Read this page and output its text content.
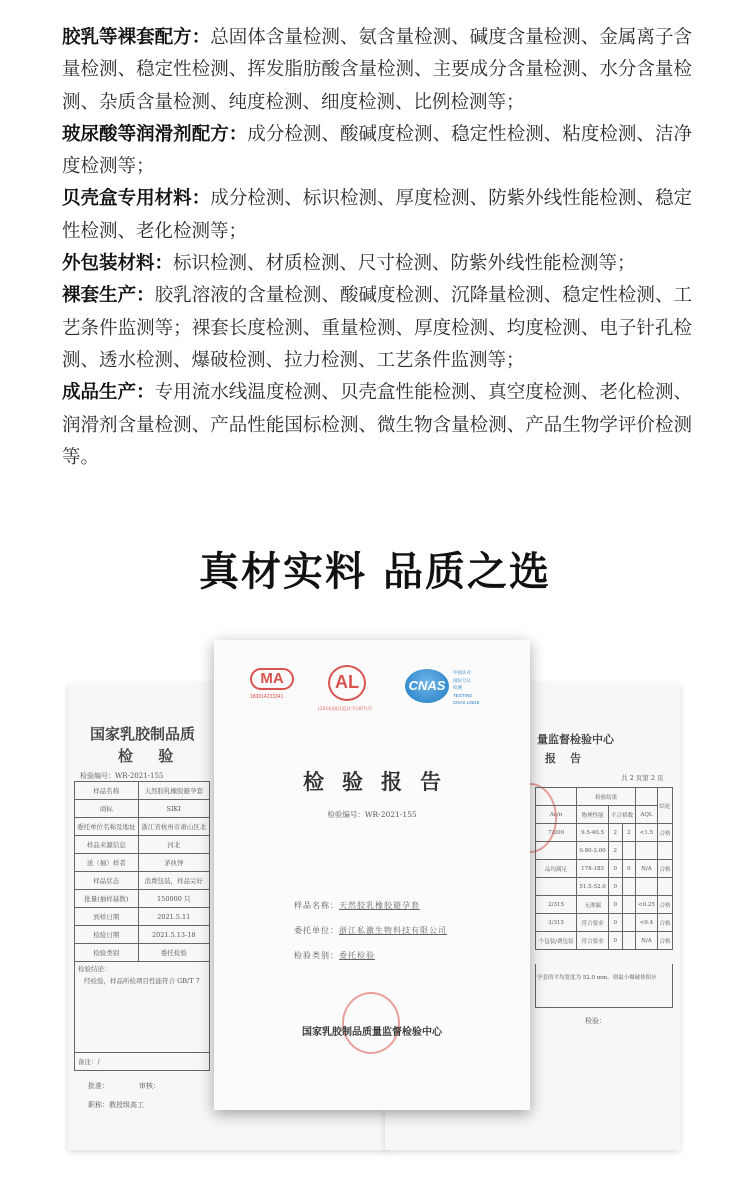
胶乳等裸套配方：总固体含量检测、氨含量检测、碱度含量检测、金属离子含量检测、稳定性检测、挥发脂肪酸含量检测、主要成分含量检测、水分含量检测、杂质含量检测、纯度检测、细度检测、比例检测等；
玻尿酸等润滑剂配方：成分检测、酸碱度检测、稳定性检测、粘度检测、洁净度检测等；
贝壳盒专用材料：成分检测、标识检测、厚度检测、防紫外线性能检测、稳定性检测、老化检测等；
外包装材料：标识检测、材质检测、尺寸检测、防紫外线性能检测等；
裸套生产：胶乳溶液的含量检测、酸碱度检测、沉降量检测、稳定性检测、工艺条件监测等；裸套长度检测、重量检测、厚度检测、均度检测、电子针孔检测、透水检测、爆破检测、拉力检测、工艺条件监测等；
成品生产：专用流水线温度检测、贝壳盒性能检测、真空度检测、老化检测、润滑剂含量检测、产品性能国标检测、微生物含量检测、产品生物学评价检测等。
真材实料 品质之选
国家乳胶制品质
检 验
检验编号：WR-2021-155
样品名称	天然胶乳橡胶避孕套
商标	SIKI
委托单位名称及地址	浙江省杭州市萧山区北
样品来源信息	河北
送（抽）样者	茅执钟
样品状态	消费包装，样品完好
批量(抽样基数)	150000 只
到样日期	2021.5.11
检验日期	2021.5.13-18
检验类别	委托检验
检验结论：
经检验，样品所检项目性能符合 GB/T 7
备注：/
批准：	审核：
职称：教授级高工
量监督检验中心
报告
共 2 页第 2 页
	检验结果				结论
Ac/n	物理性能	不合格数		AQL	
7/200	9.5-40.5	2	2	<1.5	合格
	0.80-2.00	2			
品均满足	178-185	0	0	N/A	合格
	51.5-52.0	0			
2/315	无渗漏	0		<0.25	合格
3/315	符合要求	0		<0.4	合格
个包装/费包装	符合要求	0		N/A	合格
孕套的平均宽度为 52.0 mm，则最小爆破体积应
检验：
MA
180014233341
AL
(2016)国认监认字(307)号
CNAS
中国认可
国际互认
检测
TESTING
CNAS L0618
检验报告
检验编号：WR-2021-155
样品名称：天然胶乳橡胶避孕套
委托单位：浙江私激生物科技有限公司
检验类别：委托检验
国家乳胶制品质量监督检验中心
